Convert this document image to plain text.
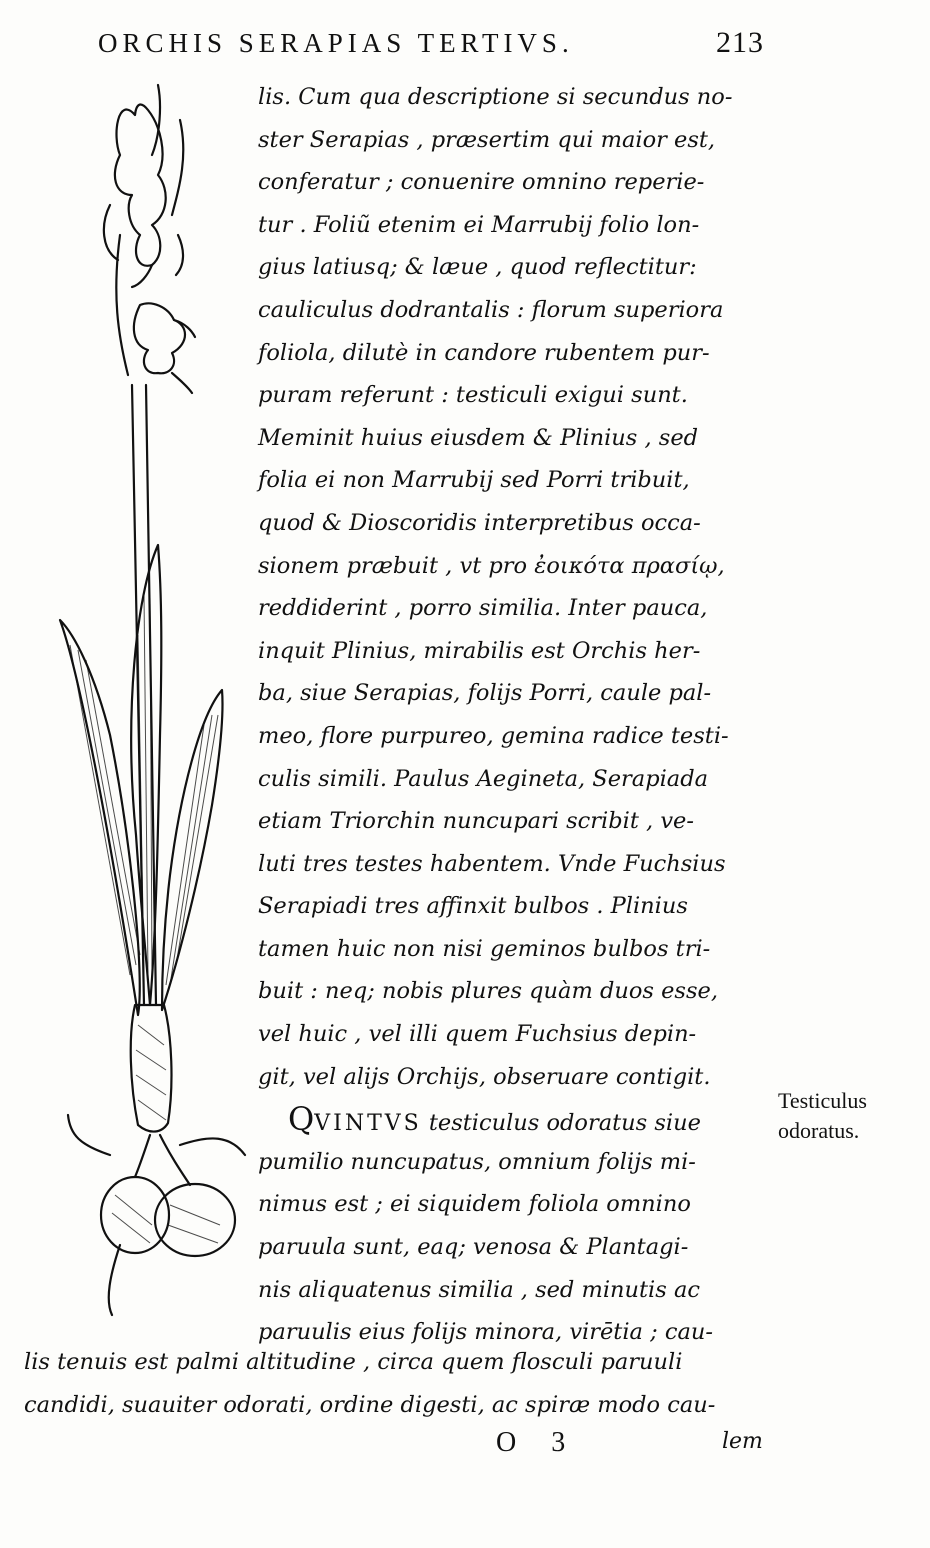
ORCHIS SERAPIAS TERTIVS.	213
lis. Cum qua descriptione si secundus no-
ster Serapias , præsertim qui maior est,
conferatur ; conuenire omnino reperie-
tur . Foliũ etenim ei Marrubij folio lon-
gius latiusq; & læue , quod reflectitur:
cauliculus dodrantalis : florum superiora
foliola, dilutè in candore rubentem pur-
puram referunt : testiculi exigui sunt.
Meminit huius eiusdem & Plinius , sed
folia ei non Marrubij sed Porri tribuit,
quod & Dioscoridis interpretibus occa-
sionem præbuit , vt pro ἐοικότα πρασίῳ,
reddiderint , porro similia. Inter pauca,
inquit Plinius, mirabilis est Orchis her-
ba, siue Serapias, folijs Porri, caule pal-
meo, flore purpureo, gemina radice testi-
culis simili. Paulus Aegineta, Serapiada
etiam Triorchin nuncupari scribit , ve-
luti tres testes habentem. Vnde Fuchsius
Serapiadi tres affinxit bulbos . Plinius
tamen huic non nisi geminos bulbos tri-
buit : neq; nobis plures quàm duos esse,
vel huic , vel illi quem Fuchsius depin-
git, vel alijs Orchijs, obseruare contigit.
QVINTVS testiculus odoratus siue
pumilio nuncupatus, omnium folijs mi-
nimus est ; ei siquidem foliola omnino
paruula sunt, eaq; venosa & Plantagi-
nis aliquatenus similia , sed minutis ac
paruulis eius folijs minora, virētia ; cau-
lis tenuis est palmi altitudine , circa quem flosculi paruuli
candidi, suauiter odorati, ordine digesti, ac spiræ modo cau-
Testiculus
odoratus.
O 3	lem
